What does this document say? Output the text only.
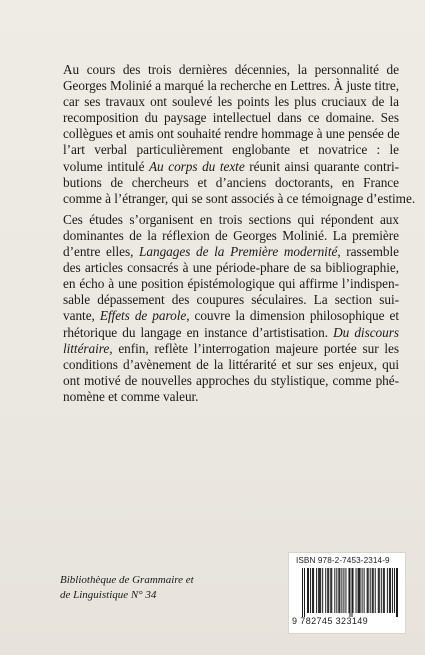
Au cours des trois dernières décennies, la personnalité de
Georges Molinié a marqué la recherche en Lettres. À juste titre,
car ses travaux ont soulevé les points les plus cruciaux de la
recomposition du paysage intellectuel dans ce domaine. Ses
collègues et amis ont souhaité rendre hommage à une pensée de
l’art verbal particulièrement englobante et novatrice : le
volume intitulé Au corps du texte réunit ainsi quarante contri-
butions de chercheurs et d’anciens doctorants, en France
comme à l’étranger, qui se sont associés à ce témoignage d’estime.

Ces études s’organisent en trois sections qui répondent aux
dominantes de la réflexion de Georges Molinié. La première
d’entre elles, Langages de la Première modernité, rassemble
des articles consacrés à une période-phare de sa bibliographie,
en écho à une position épistémologique qui affirme l’indispen-
sable dépassement des coupures séculaires. La section sui-
vante, Effets de parole, couvre la dimension philosophique et
rhétorique du langage en instance d’artistisation. Du discours
littéraire, enfin, reflète l’interrogation majeure portée sur les
conditions d’avènement de la littérarité et sur ses enjeux, qui
ont motivé de nouvelles approches du stylistique, comme phé-
nomène et comme valeur.

Bibliothèque de Grammaire et
de Linguistique N° 34
ISBN 978-2-7453-2314-9
9 782745 323149
